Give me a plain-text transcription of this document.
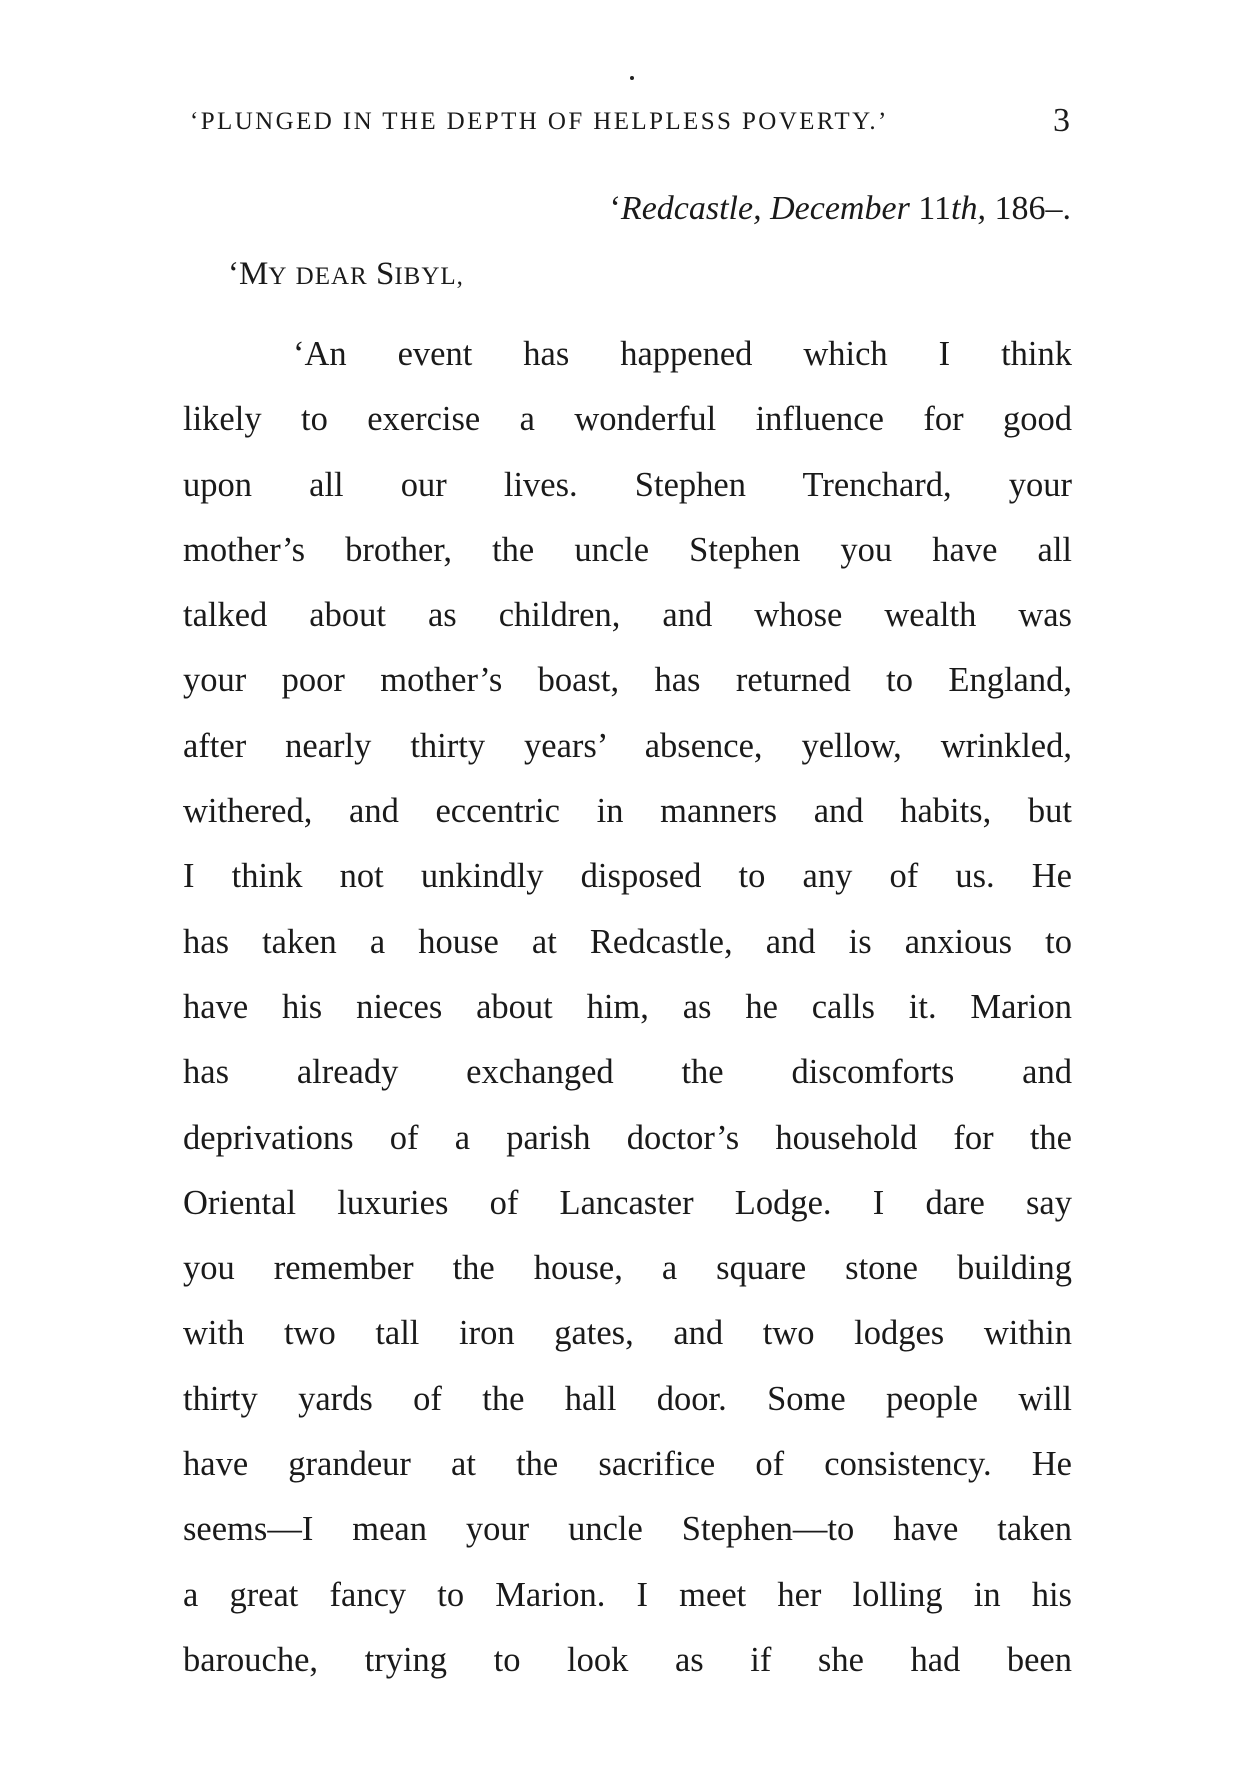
‘PLUNGED IN THE DEPTH OF HELPLESS POVERTY.’	3
‘Redcastle, December 11th, 186–.
‘MY DEAR SIBYL,
‘An event has happened which I think
likely to exercise a wonderful influence for good
upon all our lives. Stephen Trenchard, your
mother’s brother, the uncle Stephen you have all
talked about as children, and whose wealth was
your poor mother’s boast, has returned to England,
after nearly thirty years’ absence, yellow, wrinkled,
withered, and eccentric in manners and habits, but
I think not unkindly disposed to any of us. He
has taken a house at Redcastle, and is anxious to
have his nieces about him, as he calls it. Marion
has already exchanged the discomforts and
deprivations of a parish doctor’s household for the
Oriental luxuries of Lancaster Lodge. I dare say
you remember the house, a square stone building
with two tall iron gates, and two lodges within
thirty yards of the hall door. Some people will
have grandeur at the sacrifice of consistency. He
seems—I mean your uncle Stephen—to have taken
a great fancy to Marion. I meet her lolling in his
barouche, trying to look as if she had been
